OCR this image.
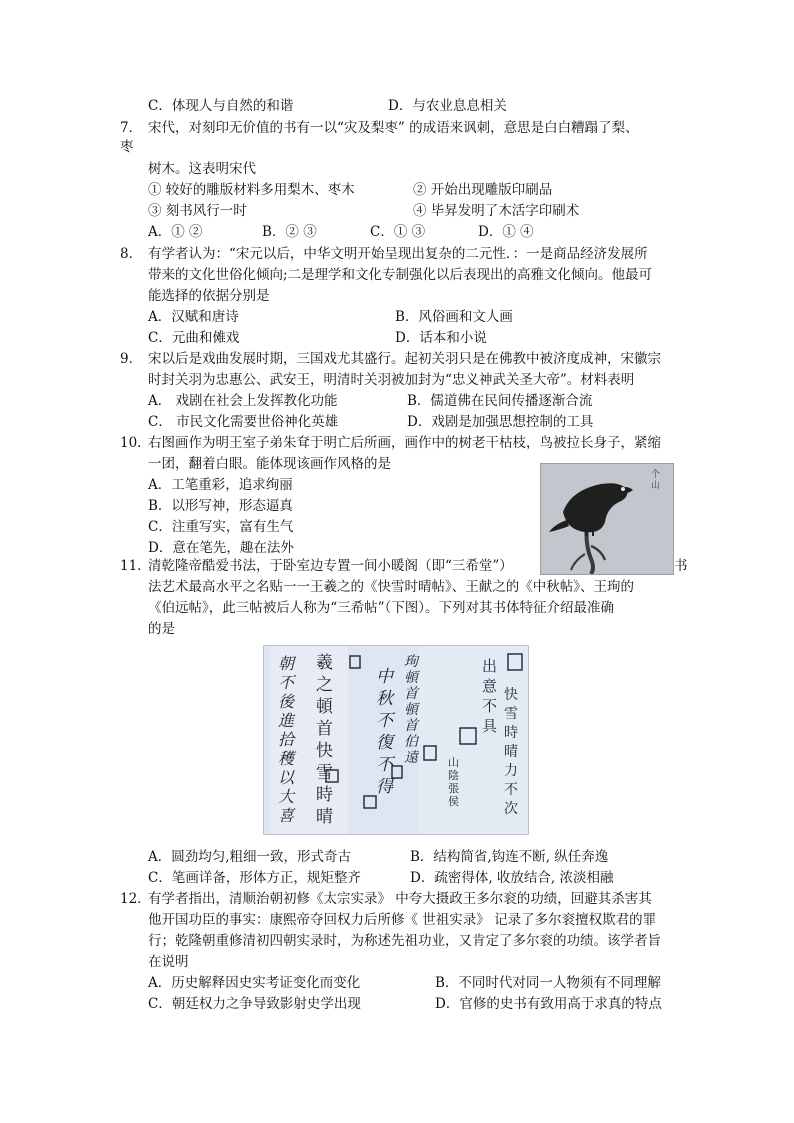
C．体现人与自然的和谐	D．与农业息息相关
7． 宋代，对刻印无价值的书有一以“灾及梨枣” 的成语来讽刺，意思是白白糟蹋了梨、
枣
树木。这表明宋代
① 较好的雕版材料多用梨木、枣木	② 开始出现雕版印刷品
③ 刻书风行一时	④ 毕昇发明了木活字印刷术
A．① ②	B．② ③	C．① ③	D．① ④
8． 有学者认为：“宋元以后，中华文明开始呈现出复杂的二元性．：一是商品经济发展所
带来的文化世俗化倾向;二是理学和文化专制强化以后表现出的高雅文化倾向。他最可
能选择的依据分别是
A．汉赋和唐诗	B．风俗画和文人画
C．元曲和傩戏	D．话本和小说
9． 宋以后是戏曲发展时期，三国戏尤其盛行。起初关羽只是在佛教中被济度成神，宋徽宗
时封关羽为忠惠公、武安王，明清时关羽被加封为“忠义神武关圣大帝”。材料表明
A． 戏剧在社会上发挥教化功能	B．儒道佛在民间传播逐渐合流
C． 市民文化需要世俗神化英雄	D．戏剧是加强思想控制的工具
10．
右图画作为明王室子弟朱耷于明亡后所画，画作中的树老干枯枝，鸟被拉长身子，紧缩
一团，翻着白眼。能体现该画作风格的是
A．工笔重彩，追求绚丽
B．以形写神，形态逼真
C．注重写实，富有生气
D．意在笔先，趣在法外
个山
11．
清乾隆帝酷爱书法，于卧室边专置一间小暖阁（即“三希堂”）	书
法艺术最高水平之名贴一一王羲之的《快雪时晴帖》、王献之的《中秋帖》、王珣的
《伯远帖》，此三帖被后人称为“三希帖”（下图）。下列对其书体特征介绍最准确
的是
朝不後進拾穫以大喜
羲之頓首快雪時晴
中秋不復不得
山陰張侯
珣頓首頓首伯遠
出意不具
快雪時晴力不次
A．圆劲均匀,粗细一致，形式奇古	B．结构简省,钩连不断, 纵任奔逸
C．笔画详备，形体方正，规矩整齐	D．疏密得体, 收放结合, 浓淡相融
12．
有学者指出，清顺治朝初修《太宗实录》 中夸大摄政王多尔衮的功绩，回避其杀害其
他开国功臣的事实：康熙帝夺回权力后所修《 世祖实录》 记录了多尔衮擅权欺君的罪
行；乾隆朝重修清初四朝实录时，为称述先祖功业，又肯定了多尔衮的功绩。该学者旨
在说明
A．历史解释因史实考证变化而变化	B．不同时代对同一人物须有不同理解
C．朝廷权力之争导致影射史学出现	D．官修的史书有致用高于求真的特点
